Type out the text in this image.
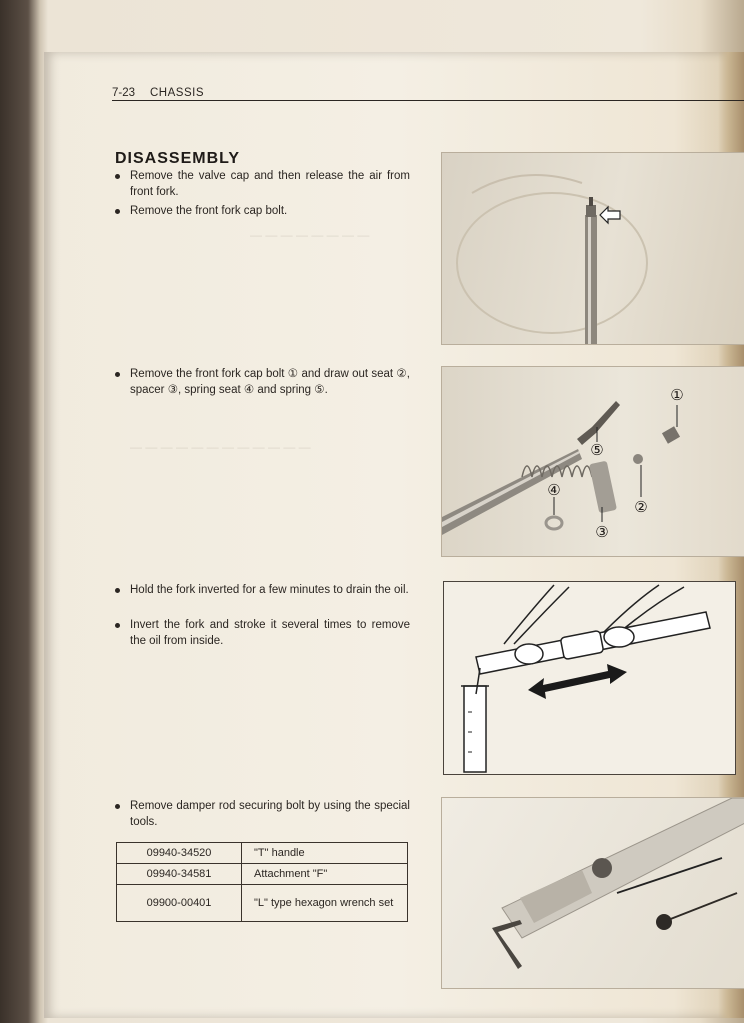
— — — — — — — —
— — — — — — — — — — — —
7-23 CHASSIS
DISASSEMBLY
Remove the valve cap and then release the air from front fork.
Remove the front fork cap bolt.
Remove the front fork cap bolt ① and draw out seat ②, spacer ③, spring seat ④ and spring ⑤.
Hold the fork inverted for a few minutes to drain the oil.
Invert the fork and stroke it several times to remove the oil from inside.
Remove damper rod securing bolt by using the special tools.
①
②
③
④
⑤
09940-34520	"T" handle
09940-34581	Attachment "F"
09900-00401	"L" type hexagon wrench set
